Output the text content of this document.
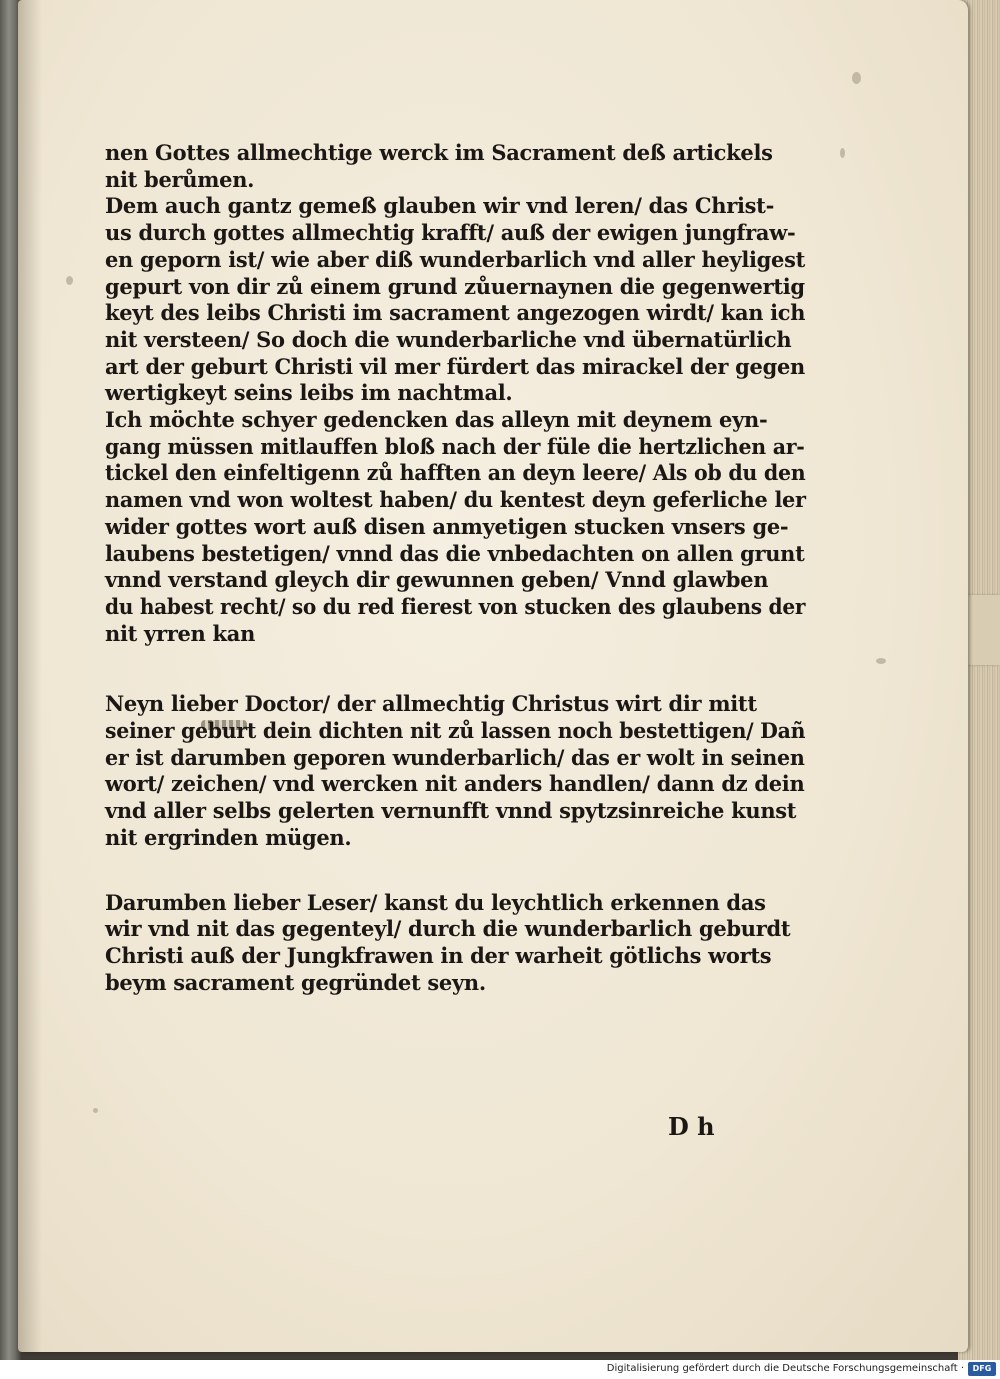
nen Gottes allmechtige werck im Sacrament deß artickels
nit berůmen.
Dem auch gantz gemeß glauben wir vnd leren/ das Christ-
us durch gottes allmechtig krafft/ auß der ewigen jungfraw-
en geporn ist/ wie aber diß wunderbarlich vnd aller heyligest
gepurt von dir zů einem grund zůuernaynen die gegenwertig
keyt des leibs Christi im sacrament angezogen wirdt/ kan ich
nit versteen/ So doch die wunderbarliche vnd übernatürlich
art der geburt Christi vil mer fürdert das mirackel der gegen
wertigkeyt seins leibs im nachtmal.
Ich möchte schyer gedencken das alleyn mit deynem eyn-
gang müssen mitlauffen bloß nach der füle die hertzlichen ar-
tickel den einfeltigenn zů hafften an deyn leere/ Als ob du den
namen vnd won woltest haben/ du kentest deyn geferliche ler
wider gottes wort auß disen anmyetigen stucken vnsers ge-
laubens bestetigen/ vnnd das die vnbedachten on allen grunt
vnnd verstand gleych dir gewunnen geben/ Vnnd glawben
du habest recht/ so du red fierest von stucken des glaubens der
nit yrren kan
Neyn lieber Doctor/ der allmechtig Christus wirt dir mitt
seiner geburt dein dichten nit zů lassen noch bestettigen/ Dañ
er ist darumben geporen wunderbarlich/ das er wolt in seinen
wort/ zeichen/ vnd wercken nit anders handlen/ dann dz dein
vnd aller selbs gelerten vernunfft vnnd spytzsinreiche kunst
nit ergrinden mügen.
Darumben lieber Leser/ kanst du leychtlich erkennen das
wir vnd nit das gegenteyl/ durch die wunderbarlich geburdt
Christi auß der Jungkfrawen in der warheit götlichs worts
beym sacrament gegründet seyn.
D h
Digitalisierung gefördert durch die Deutsche Forschungsgemeinschaft ·	DFG
